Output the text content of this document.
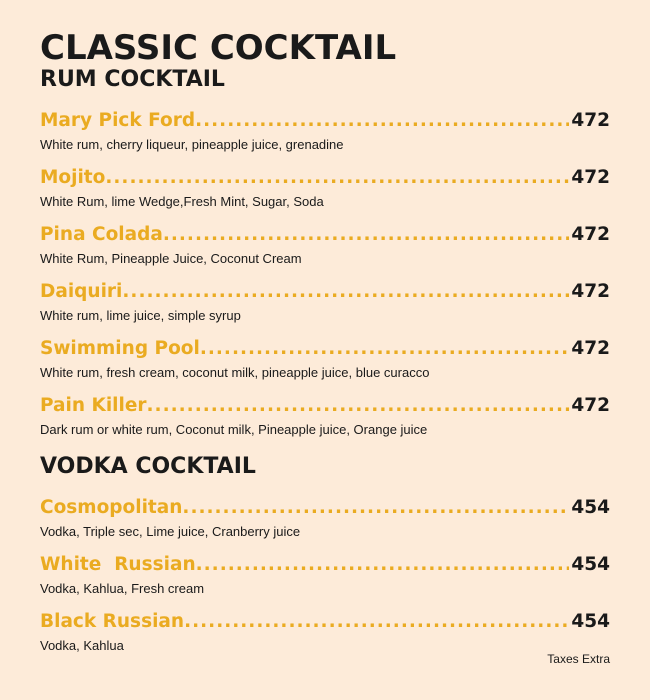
CLASSIC COCKTAIL
RUM COCKTAIL
Mary Pick Ford .....	472
White rum, cherry liqueur, pineapple juice, grenadine
Mojito .....	472
White Rum, lime Wedge,Fresh Mint, Sugar, Soda
Pina Colada .....	472
White Rum, Pineapple Juice, Coconut Cream
Daiquiri .....	472
White rum, lime juice, simple syrup
Swimming Pool .....	472
White rum, fresh cream, coconut milk, pineapple juice, blue curacco
Pain Killer .....	472
Dark rum or white rum, Coconut milk, Pineapple juice, Orange juice
VODKA COCKTAIL
Cosmopolitan .....	454
Vodka, Triple sec, Lime juice, Cranberry juice
White  Russian .....	454
Vodka, Kahlua, Fresh cream
Black Russian .....	454
Vodka, Kahlua
Taxes Extra
